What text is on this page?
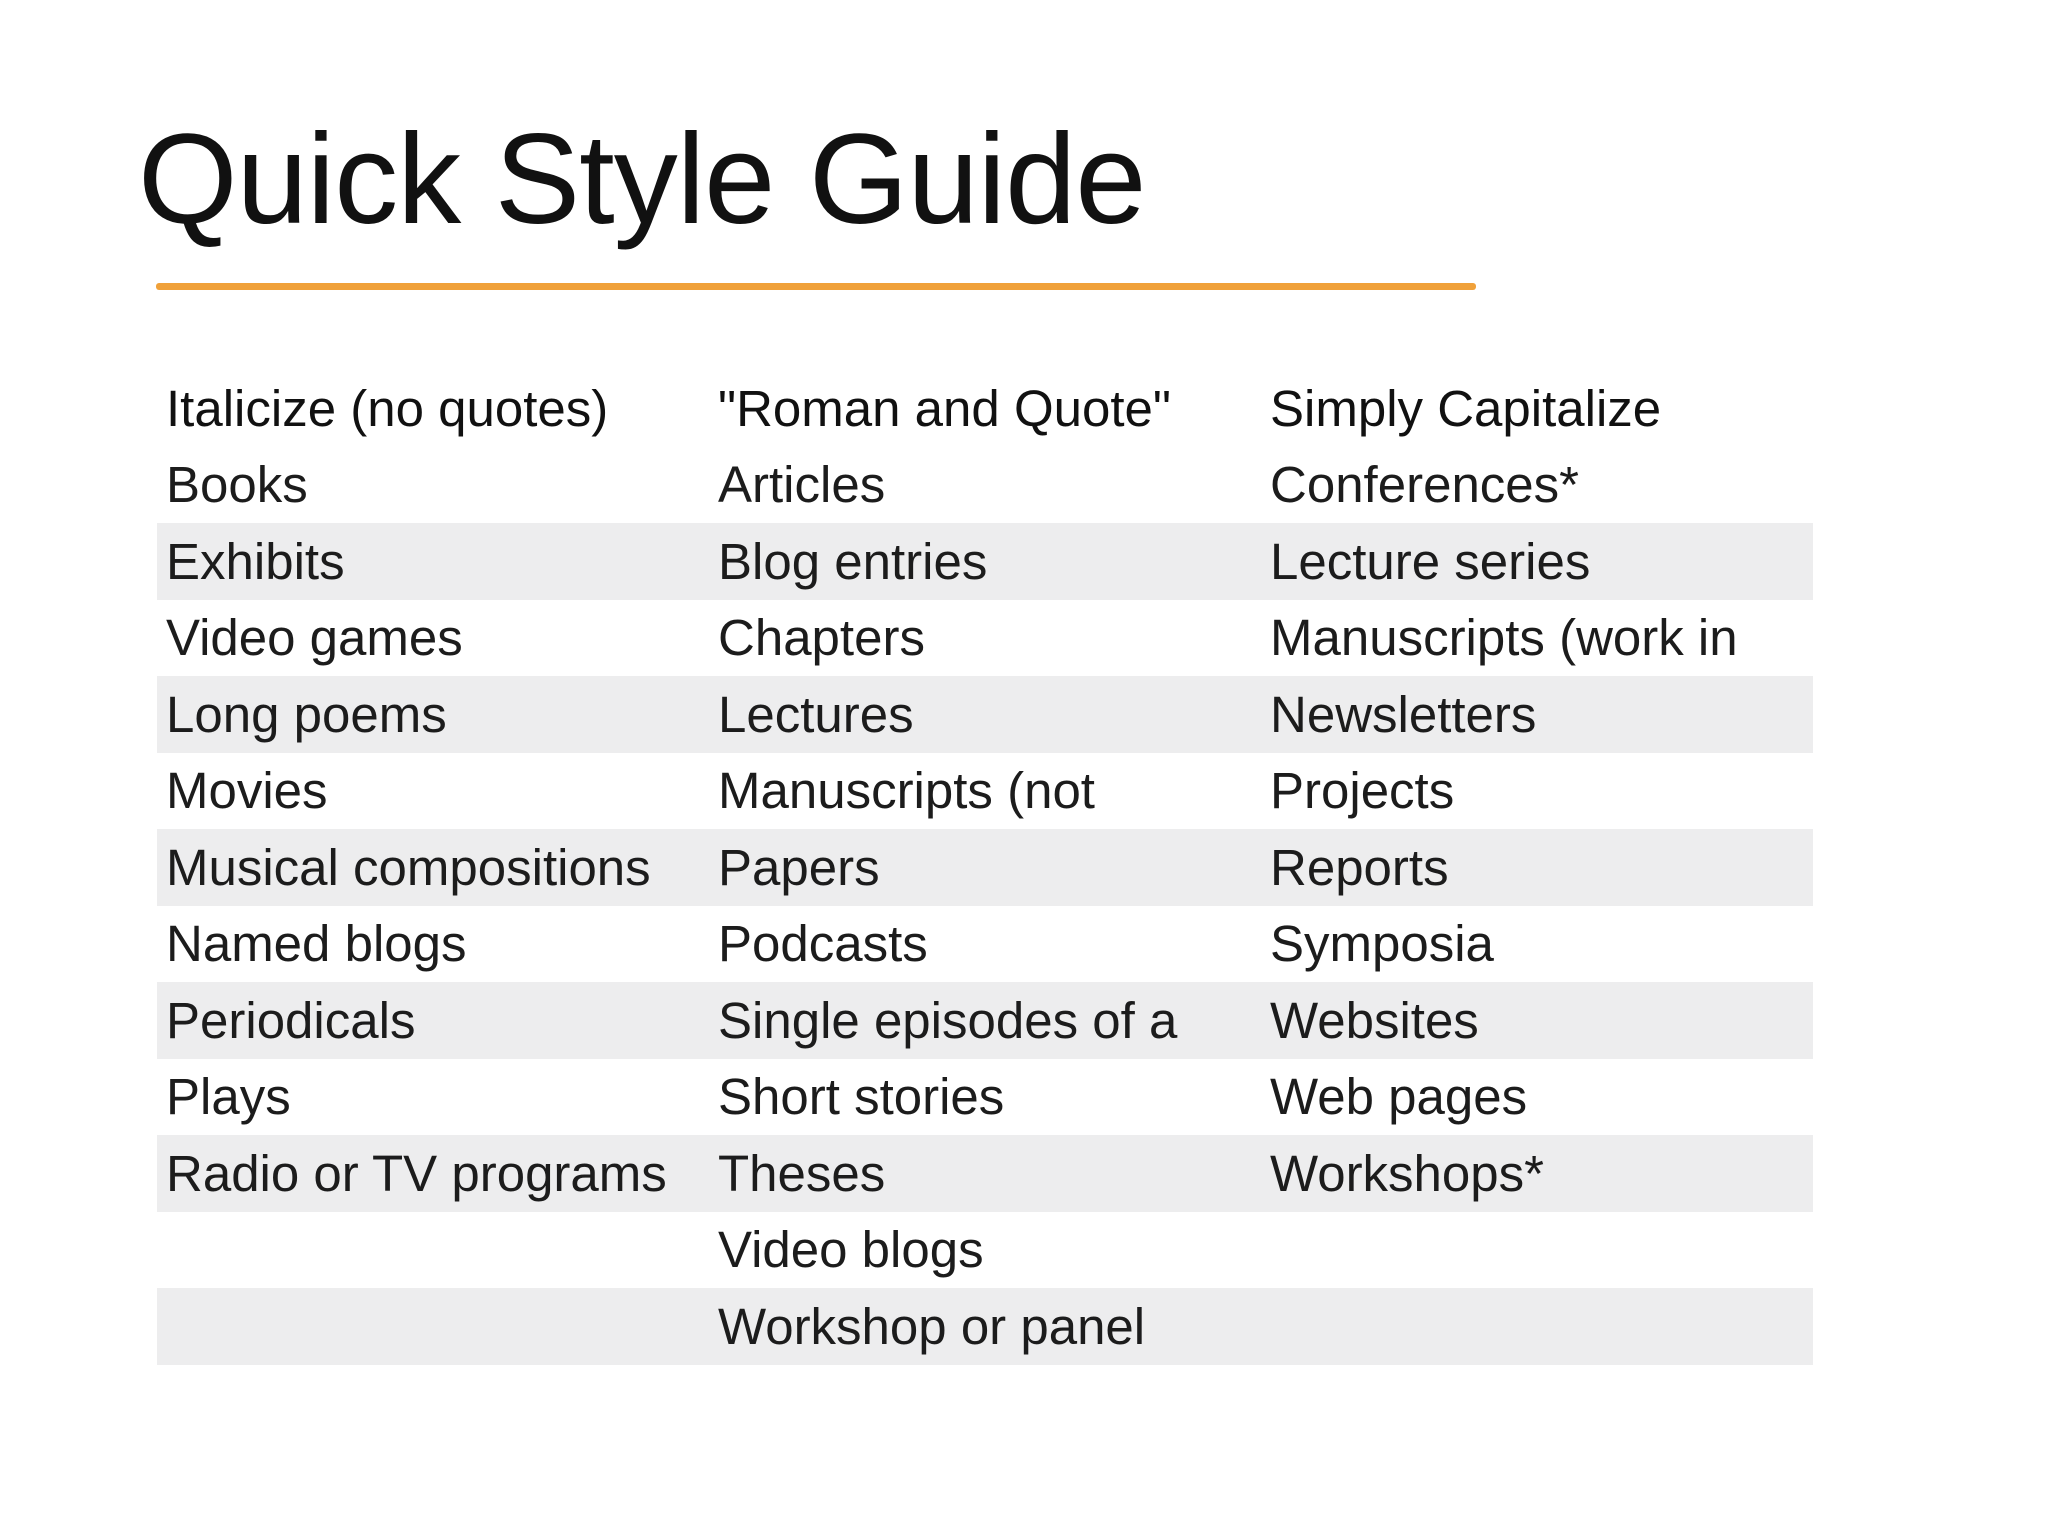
Quick Style Guide
Italicize (no quotes)	"Roman and Quote"	Simply Capitalize
Books	Articles	Conferences*
Exhibits	Blog entries	Lecture series
Video games	Chapters	Manuscripts (work in
Long poems	Lectures	Newsletters
Movies	Manuscripts (not	Projects
Musical compositions	Papers	Reports
Named blogs	Podcasts	Symposia
Periodicals	Single episodes of a	Websites
Plays	Short stories	Web pages
Radio or TV programs	Theses	Workshops*
	Video blogs	
	Workshop or panel	
